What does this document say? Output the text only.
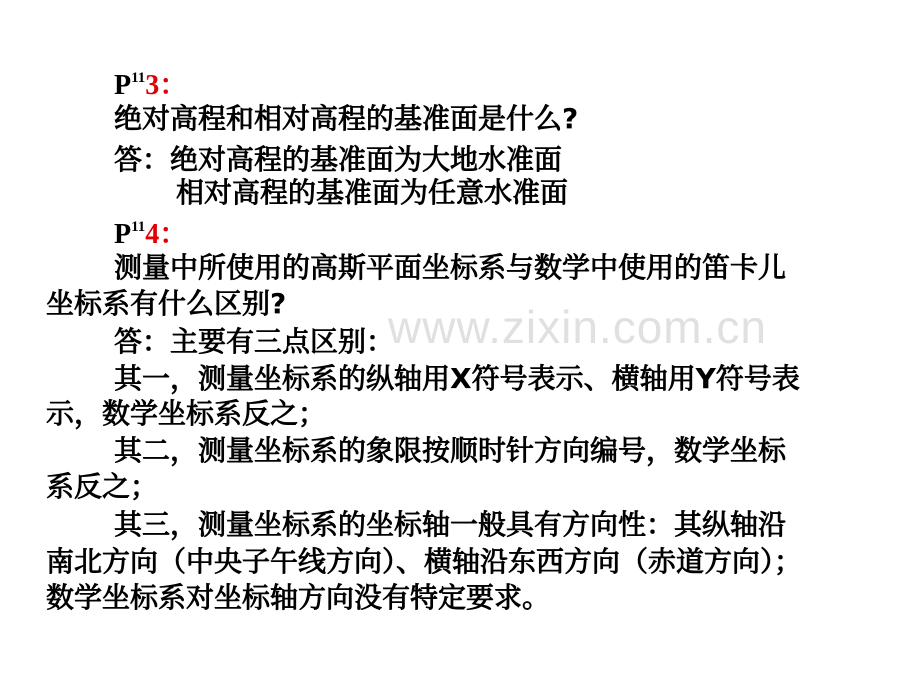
www.zixin.com.cn
$P^{11}3$：
绝对高程和相对高程的基准面是什么?
答：绝对高程的基准面为大地水准面
相对高程的基准面为任意水准面
$P^{11}4$：
测量中所使用的高斯平面坐标系与数学中使用的笛卡儿
坐标系有什么区别?
答：主要有三点区别：
其一，测量坐标系的纵轴用X符号表示、横轴用Y符号表
示，数学坐标系反之；
其二，测量坐标系的象限按顺时针方向编号，数学坐标
系反之；
其三，测量坐标系的坐标轴一般具有方向性：其纵轴沿
南北方向（中央子午线方向）、横轴沿东西方向（赤道方向）；
数学坐标系对坐标轴方向没有特定要求。
